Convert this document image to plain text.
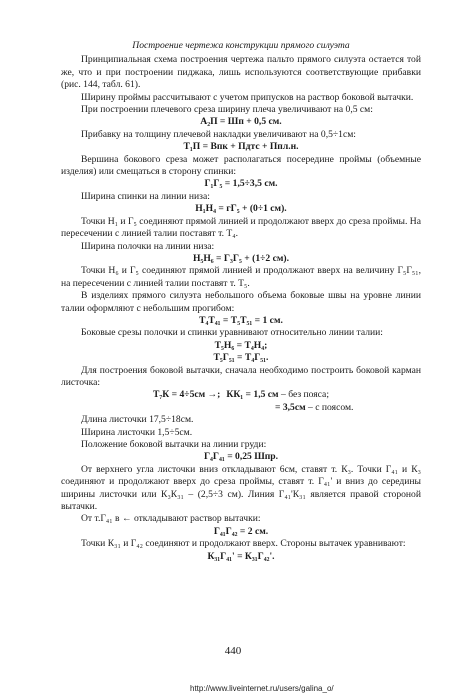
Построение чертежа конструкции прямого силуэта
Принципиальная схема построения чертежа пальто прямого силуэта остается той же, что и при построении пиджака, лишь используются соответствующие прибавки (рис. 144, табл. 61).
Ширину проймы рассчитывают с учетом припусков на раствор боковой вытачки.
При построении плечевого среза ширину плеча увеличивают на 0,5 см:
А₂П = Шп + 0,5 см.
Прибавку на толщину плечевой накладки увеличивают на 0,5÷1см:
Т₁П = Впк + Пдтс + Ппл.н.
Вершина бокового среза может располагаться посередине проймы (объемные изделия) или смещаться в сторону спинки:
Г₁Г₅ = 1,5÷3,5 см.
Ширина спинки на линии низа:
Н₁Н₄ = гГ₅ + (0÷1 см).
Точки Н₁ и Г₅ соединяют прямой линией и продолжают вверх до среза проймы. На пересечении с линией талии поставят т. Т₄.
Ширина полочки на линии низа:
Н₅Н₆ = Г₃Г₅ + (1÷2 см).
Точки Н₆ и Г₅ соединяют прямой линией и продолжают вверх на величину Г₅Г₅₁, на пересечении с линией талии поставят т. Т₅.
В изделиях прямого силуэта небольшого объема боковые швы на уровне линии талии оформляют с небольшим прогибом:
Т₄Т₄₁ = Т₅Т₅₁ = 1 см.
Боковые срезы полочки и спинки уравнивают относительно линии талии:
Т₅Н₆ = Т₄Н₄;
Т₅Г₅₁ = Т₄Г₅₁.
Для построения боковой вытачки, сначала необходимо построить боковой карман листочка:
Т₇К = 4÷5см →; КК₁ = 1,5 см – без пояса;
= 3,5см – с поясом.
Длина листочки 17,5÷18см.
Ширина листочки 1,5÷5см.
Положение боковой вытачки на линии груди:
Г₄Г₄₁ = 0,25 Шпр.
От верхнего угла листочки вниз откладывают 6см, ставят т. К₃. Точки Г₄₁ и К₃ соединяют и продолжают вверх до среза проймы, ставят т. Г₄₁' и вниз до середины ширины листочки или К₃К₃₁ – (2,5÷3 см). Линия Г₄₁'К₃₁ является правой стороной вытачки.
От т.Г₄₁ в ← откладывают раствор вытачки:
Г₄₁Г₄₂ = 2 см.
Точки К₃₁ и Г₄₂ соединяют и продолжают вверх. Стороны вытачек уравнивают:
К₃₁Г₄₁' = К₃₁Г₄₂'.
440
http://www.liveinternet.ru/users/galina_o/
